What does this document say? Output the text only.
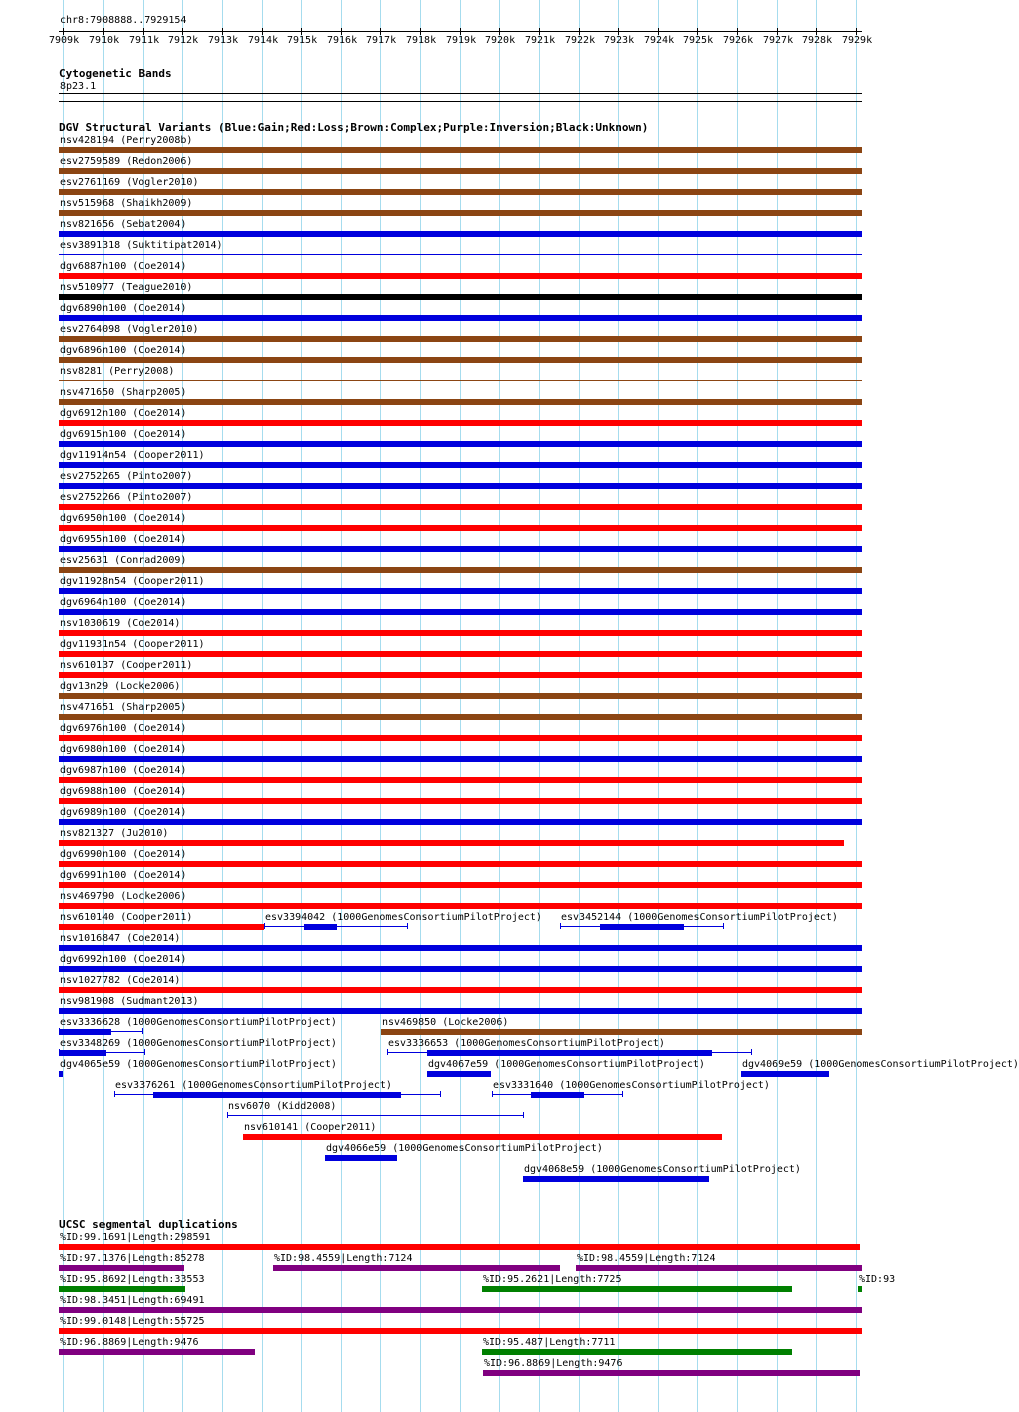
chr8:7908888..7929154
7909k 7910k 7911k 7912k 7913k 7914k 7915k 7916k 7917k 7918k 7919k 7920k 7921k 7922k 7923k 7924k 7925k 7926k 7927k 7928k 7929k
Cytogenetic Bands
8p23.1
DGV Structural Variants (Blue:Gain;Red:Loss;Brown:Complex;Purple:Inversion;Black:Unknown)
nsv428194 (Perry2008b)
esv2759589 (Redon2006)
esv2761169 (Vogler2010)
nsv515968 (Shaikh2009)
nsv821656 (Sebat2004)
esv3891318 (Suktitipat2014)
dgv6887n100 (Coe2014)
nsv510977 (Teague2010)
dgv6890n100 (Coe2014)
esv2764098 (Vogler2010)
dgv6896n100 (Coe2014)
nsv8281 (Perry2008)
nsv471650 (Sharp2005)
dgv6912n100 (Coe2014)
dgv6915n100 (Coe2014)
dgv11914n54 (Cooper2011)
esv2752265 (Pinto2007)
esv2752266 (Pinto2007)
dgv6950n100 (Coe2014)
dgv6955n100 (Coe2014)
esv25631 (Conrad2009)
dgv11928n54 (Cooper2011)
dgv6964n100 (Coe2014)
nsv1030619 (Coe2014)
dgv11931n54 (Cooper2011)
nsv610137 (Cooper2011)
dgv13n29 (Locke2006)
nsv471651 (Sharp2005)
dgv6976n100 (Coe2014)
dgv6980n100 (Coe2014)
dgv6987n100 (Coe2014)
dgv6988n100 (Coe2014)
dgv6989n100 (Coe2014)
nsv821327 (Ju2010)
dgv6990n100 (Coe2014)
dgv6991n100 (Coe2014)
nsv469790 (Locke2006)
nsv610140 (Cooper2011)	esv3394042 (1000GenomesConsortiumPilotProject) esv3452144 (1000GenomesConsortiumPilotProject)
nsv1016847 (Coe2014)
dgv6992n100 (Coe2014)
nsv1027782 (Coe2014)
nsv981908 (Sudmant2013)
esv3336628 (1000GenomesConsortiumPilotProject)	nsv469850 (Locke2006)
esv3348269 (1000GenomesConsortiumPilotProject)	esv3336653 (1000GenomesConsortiumPilotProject)
dgv4065e59 (1000GenomesConsortiumPilotProject)	dgv4067e59 (1000GenomesConsortiumPilotProject)	dgv4069e59 (1000GenomesConsortiumPilotProject)
esv3376261 (1000GenomesConsortiumPilotProject)	esv3331640 (1000GenomesConsortiumPilotProject)
nsv6070 (Kidd2008)
nsv610141 (Cooper2011)
dgv4066e59 (1000GenomesConsortiumPilotProject)
dgv4068e59 (1000GenomesConsortiumPilotProject)
UCSC segmental duplications
%ID:99.1691|Length:298591
%ID:97.1376|Length:85278	%ID:98.4559|Length:7124	%ID:98.4559|Length:7124
%ID:95.8692|Length:33553	%ID:95.2621|Length:7725	%ID:93
%ID:98.3451|Length:69491
%ID:99.0148|Length:55725
%ID:96.8869|Length:9476	%ID:95.487|Length:7711
%ID:96.8869|Length:9476
